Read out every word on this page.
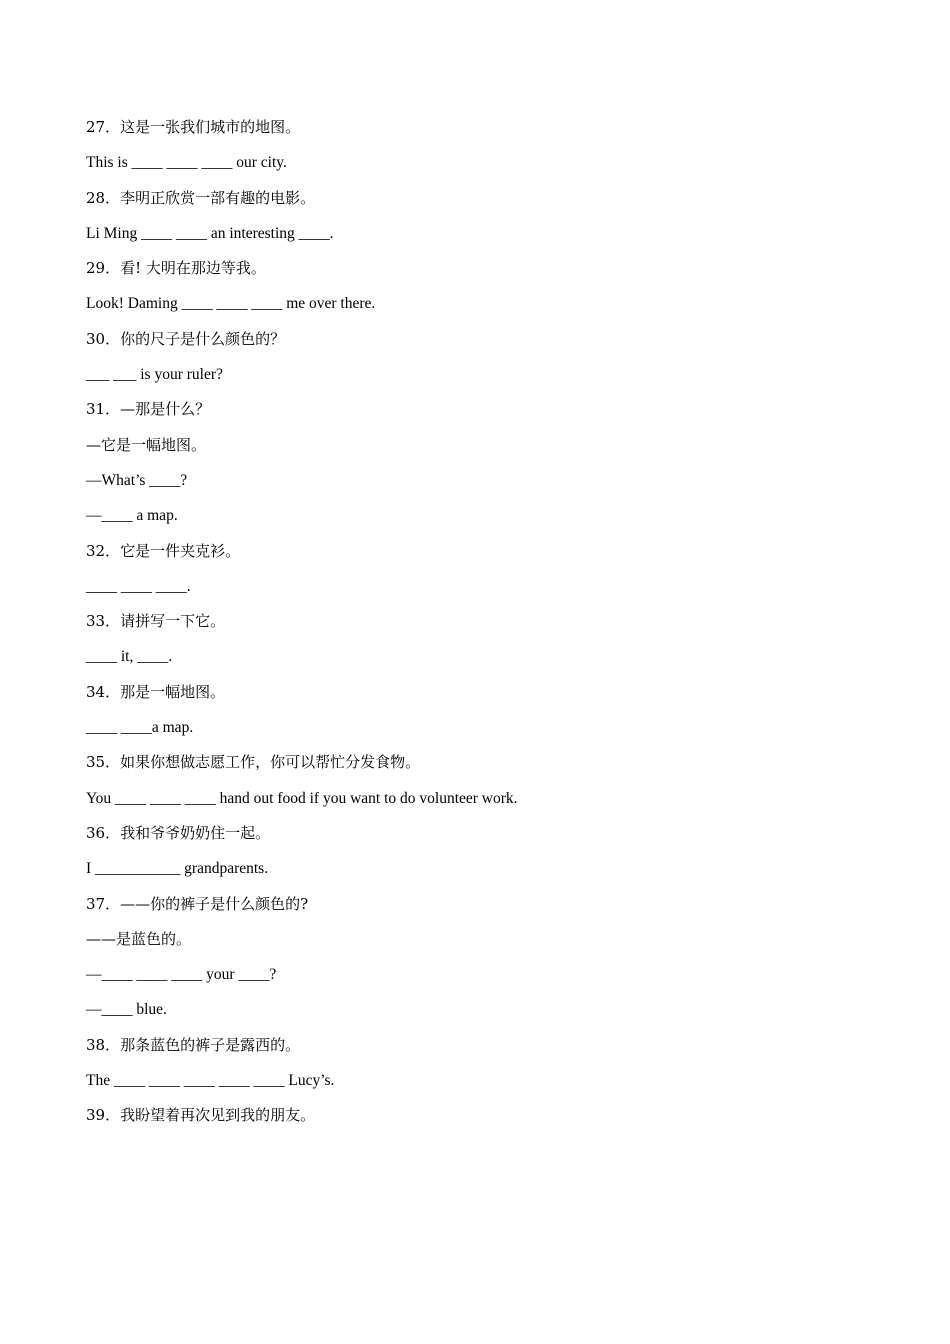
27．这是一张我们城市的地图。
This is ____ ____ ____ our city.
28．李明正欣赏一部有趣的电影。
Li Ming ____ ____ an interesting ____.
29．看! 大明在那边等我。
Look! Daming ____ ____ ____ me over there.
30．你的尺子是什么颜色的？
___ ___ is your ruler?
31．—那是什么？
—它是一幅地图。
—What’s ____?
—____ a map.
32．它是一件夹克衫。
____ ____ ____.
33．请拼写一下它。
____ it, ____.
34．那是一幅地图。
____ ____a map.
35．如果你想做志愿工作，你可以帮忙分发食物。
You ____ ____ ____ hand out food if you want to do volunteer work.
36．我和爷爷奶奶住一起。
I ___________ grandparents.
37．——你的裤子是什么颜色的?
——是蓝色的。
—____ ____ ____ your ____?
—____ blue.
38．那条蓝色的裤子是露西的。
The ____ ____ ____ ____ ____ Lucy’s.
39．我盼望着再次见到我的朋友。
